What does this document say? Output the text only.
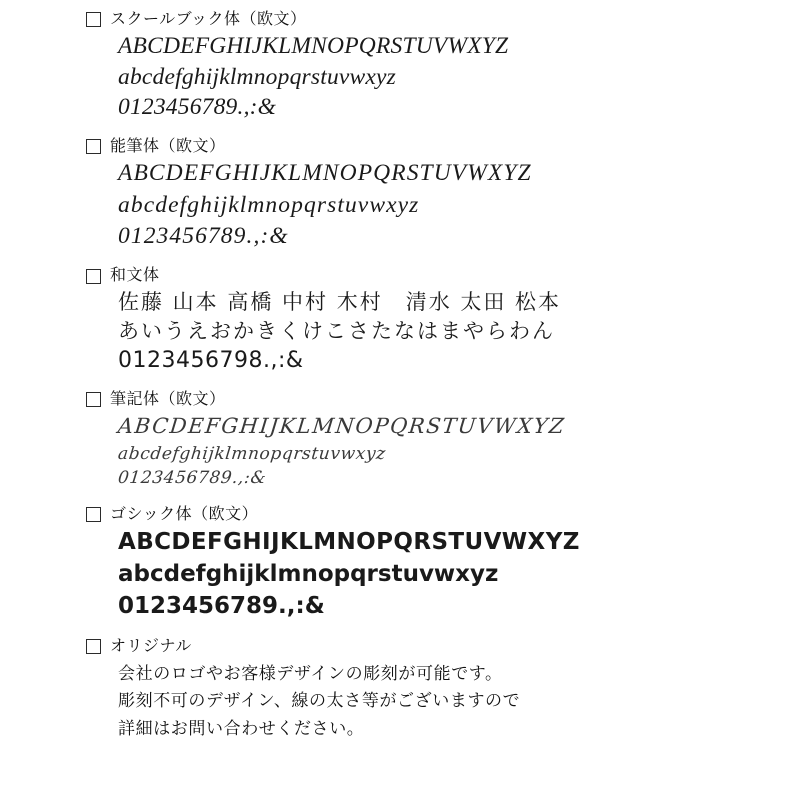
スクールブック体（欧文）
ABCDEFGHIJKLMNOPQRSTUVWXYZ
abcdefghijklmnopqrstuvwxyz
0123456789.,:&
能筆体（欧文）
ABCDEFGHIJKLMNOPQRSTUVWXYZ
abcdefghijklmnopqrstuvwxyz
0123456789.,:&
和文体
佐藤 山本 高橋 中村 木村　清水 太田 松本
あいうえおかきくけこさたなはまやらわん
0123456798.,:&
筆記体（欧文）
ABCDEFGHIJKLMNOPQRSTUVWXYZ
abcdefghijklmnopqrstuvwxyz
0123456789.,:&
ゴシック体（欧文）
ABCDEFGHIJKLMNOPQRSTUVWXYZ
abcdefghijklmnopqrstuvwxyz
0123456789.,:&
オリジナル
会社のロゴやお客様デザインの彫刻が可能です。
彫刻不可のデザイン、線の太さ等がございますので
詳細はお問い合わせください。
